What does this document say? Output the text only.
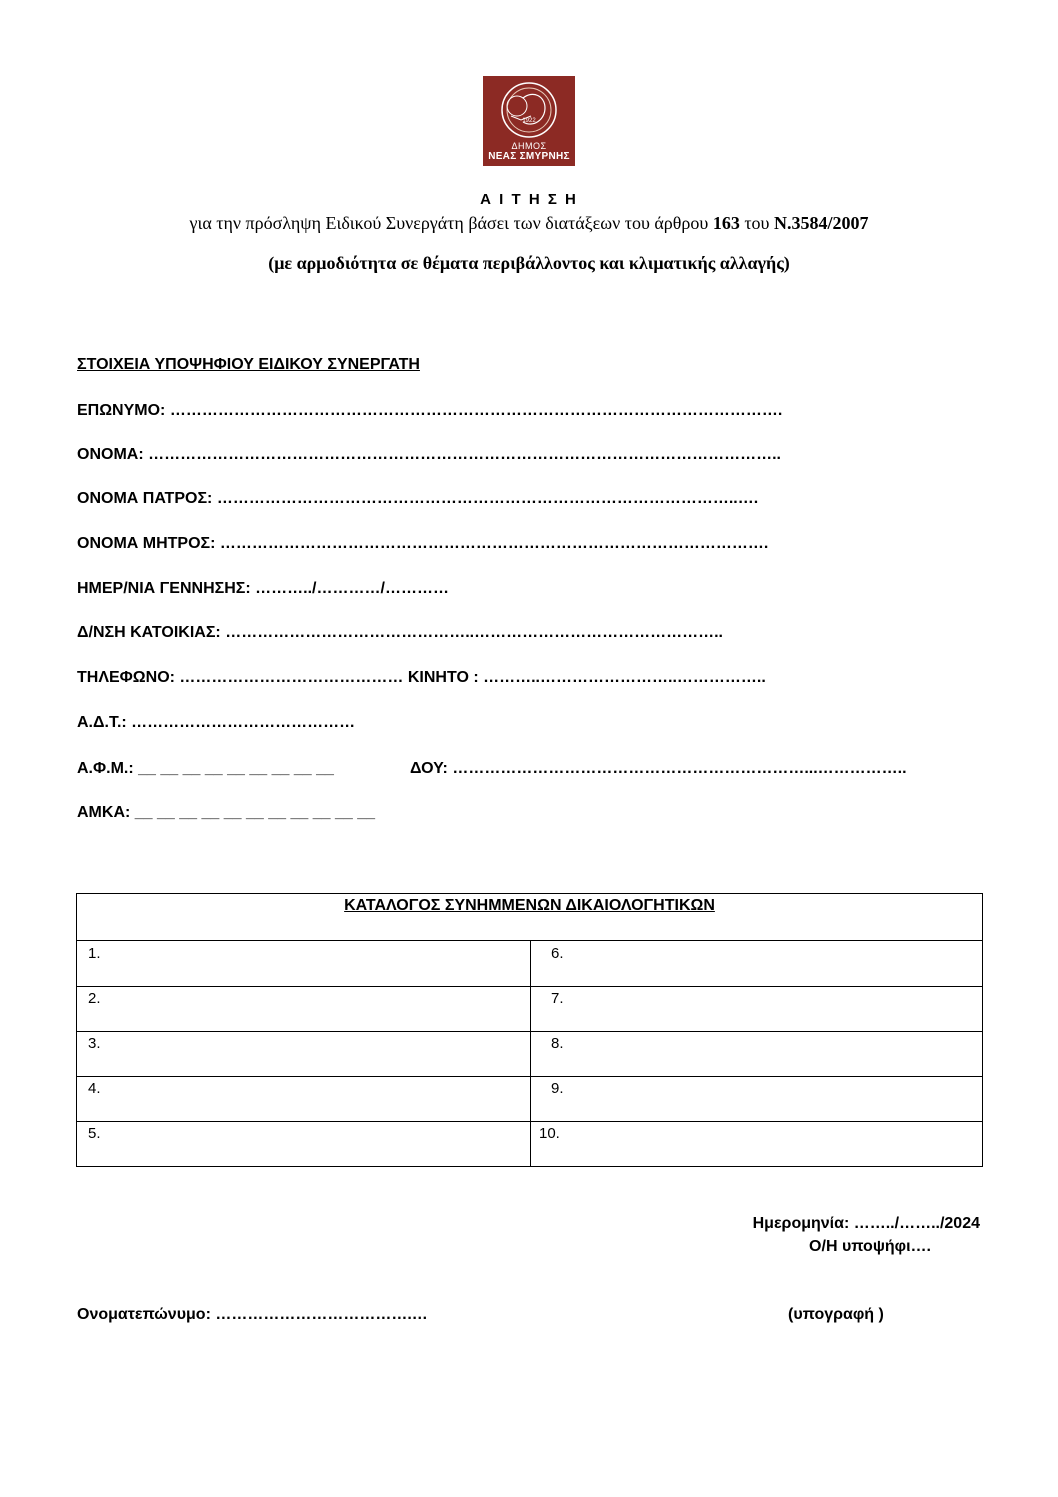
1922
ΔΗΜΟΣ
ΝΕΑΣ ΣΜΥΡΝΗΣ
Α Ι Τ Η Σ Η
για την πρόσληψη Ειδικού Συνεργάτη βάσει των διατάξεων του άρθρου 163 του Ν.3584/2007
(με αρμοδιότητα σε θέματα περιβάλλοντος και κλιματικής αλλαγής)
ΣΤΟΙΧΕΙΑ ΥΠΟΨΗΦΙΟΥ ΕΙΔΙΚΟΥ ΣΥΝΕΡΓΑΤΗ
ΕΠΩΝΥΜΟ: …………………………………………………………………………………………………….
ΟΝΟΜΑ: ………………………………………………………………………………………………………..
ΟΝΟΜΑ ΠΑΤΡΟΣ: ……………………………………………………………………………………..….
ΟΝΟΜΑ ΜΗΤΡΟΣ: ………………………………………………………………………………………….
ΗΜΕΡ/ΝΙΑ ΓΕΝΝΗΣΗΣ: ………../…………/…………
Δ/ΝΣΗ ΚΑΤΟΙΚΙΑΣ: ………………………………………..………………………………………..
ΤΗΛΕΦΩΝΟ: …………………………………… ΚΙΝΗΤΟ : ………..……………………..……………..
Α.Δ.Τ.: ……………………………………
Α.Φ.Μ.: __ __ __ __ __ __ __ __ __	ΔΟΥ: …………………………………………………………...……………..
ΑΜΚΑ: __ __ __ __ __ __ __ __ __ __ __
ΚΑΤΑΛΟΓΟΣ ΣΥΝΗΜΜΕΝΩΝ ΔΙΚΑΙΟΛΟΓΗΤΙΚΩΝ
1.	6.
2.	7.
3.	8.
4.	9.
5.	10.
Ημερομηνία: ……../……../2024
Ο/Η υποψήφι….
Ονοματεπώνυμο: ……………………………….…	(υπογραφή )
